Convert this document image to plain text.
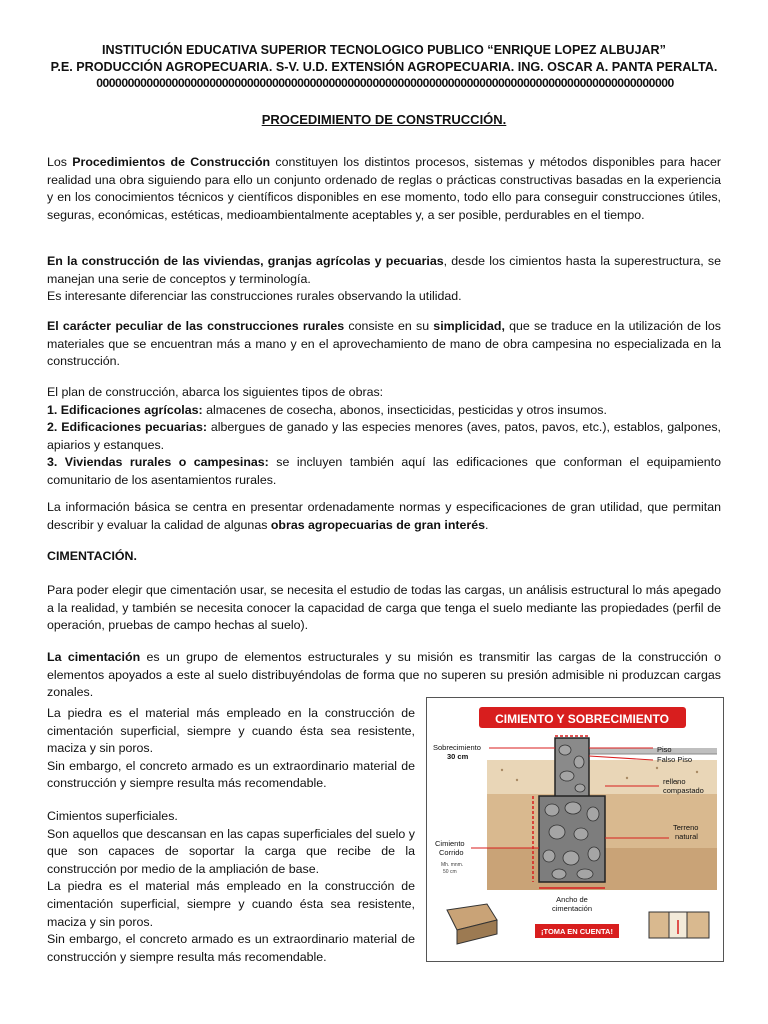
INSTITUCIÓN EDUCATIVA SUPERIOR TECNOLOGICO PUBLICO “ENRIQUE LOPEZ ALBUJAR”
P.E. PRODUCCIÓN AGROPECUARIA. S-V. U.D. EXTENSIÓN AGROPECUARIA. ING. OSCAR A. PANTA PERALTA.
00000000000000000000000000000000000000000000000000000000000000000000000000000000000000000000
PROCEDIMIENTO DE CONSTRUCCIÓN.

Los Procedimientos de Construcción constituyen los distintos procesos, sistemas y métodos disponibles para hacer realidad una obra siguiendo para ello un conjunto ordenado de reglas o prácticas constructivas basadas en la experiencia y en los conocimientos técnicos y científicos disponibles en ese momento, todo ello para conseguir construcciones útiles, seguras, económicas, estéticas, medioambientalmente aceptables y, a ser posible, perdurables en el tiempo.

En la construcción de las viviendas, granjas agrícolas y pecuarias, desde los cimientos hasta la superestructura, se manejan una serie de conceptos y terminología.
Es interesante diferenciar las construcciones rurales observando la utilidad.

El carácter peculiar de las construcciones rurales consiste en su simplicidad, que se traduce en la utilización de los materiales que se encuentran más a mano y en el aprovechamiento de mano de obra campesina no especializada en la construcción.

El plan de construcción, abarca los siguientes tipos de obras:
1. Edificaciones agrícolas: almacenes de cosecha, abonos, insecticidas, pesticidas y otros insumos.
2. Edificaciones pecuarias: albergues de ganado y las especies menores (aves, patos, pavos, etc.), establos, galpones, apiarios y estanques.
3. Viviendas rurales o campesinas: se incluyen también aquí las edificaciones que conforman el equipamiento comunitario de los asentamientos rurales.

La información básica se centra en presentar ordenadamente normas y especificaciones de gran utilidad, que permitan describir y evaluar la calidad de algunas obras agropecuarias de gran interés.

CIMENTACIÓN.

Para poder elegir que cimentación usar, se necesita el estudio de todas las cargas, un análisis estructural lo más apegado a la realidad, y también se necesita conocer la capacidad de carga que tenga el suelo mediante las propiedades (perfil de operación, pruebas de campo hechas al suelo).

La cimentación es un grupo de elementos estructurales y su misión es transmitir las cargas de la construcción o elementos apoyados a este al suelo distribuyéndolas de forma que no superen su presión admisible ni produzcan cargas zonales.

La piedra es el material más empleado en la construcción de cimentación superficial, siempre y cuando ésta sea resistente, maciza y sin poros.
Sin embargo, el concreto armado es un extraordinario material de construcción y siempre resulta más recomendable.

Cimientos superficiales.
Son aquellos que descansan en las capas superficiales del suelo y que son capaces de soportar la carga que recibe de la construcción por medio de la ampliación de base.
La piedra es el material más empleado en la construcción de cimentación superficial, siempre y cuando ésta sea resistente, maciza y sin poros.
Sin embargo, el concreto armado es un extraordinario material de construcción y siempre resulta más recomendable.

CIMIENTO Y SOBRECIMIENTO
Sobrecimiento
30 cm
Cimiento
Corrido
Mh. mnm.
50 cm
Piso
Falso Piso
relleno
compastado
Terreno
natural
Ancho de
cimentación
¡TOMA EN CUENTA!
